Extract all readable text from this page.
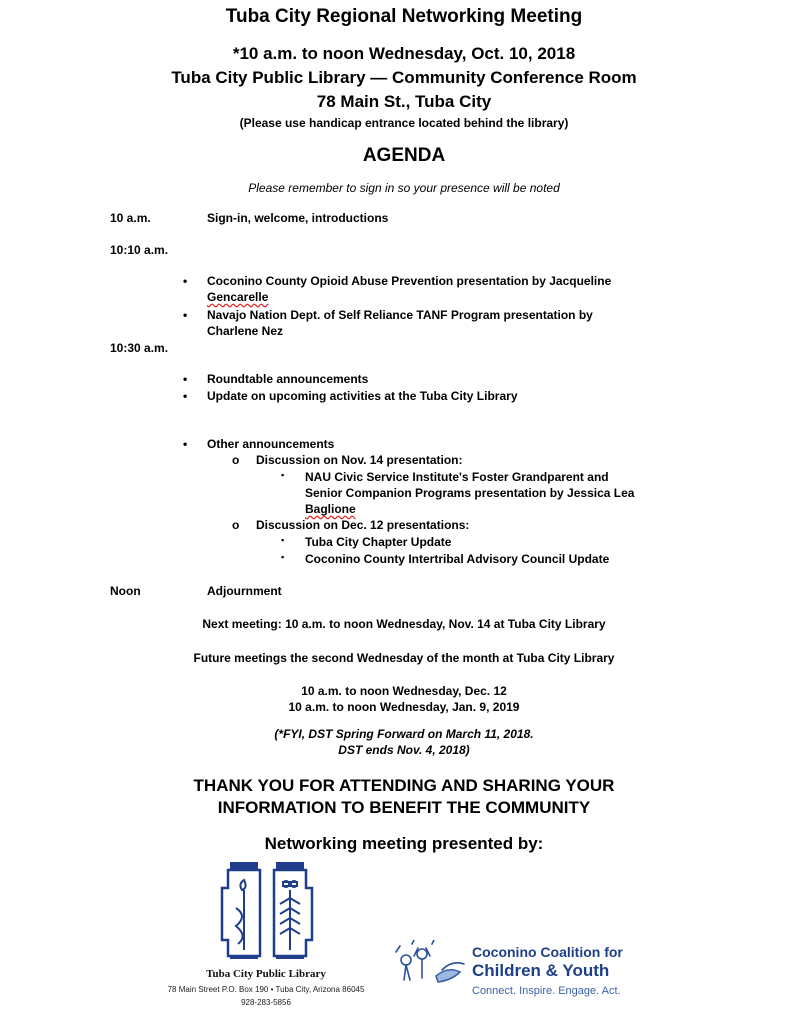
Tuba City Regional Networking Meeting
*10 a.m. to noon Wednesday, Oct. 10, 2018
Tuba City Public Library — Community Conference Room
78 Main St., Tuba City
(Please use handicap entrance located behind the library)
AGENDA
Please remember to sign in so your presence will be noted
10 a.m.	Sign-in, welcome, introductions
10:10 a.m.
• Coconino County Opioid Abuse Prevention presentation by Jacqueline
Gencarelle
• Navajo Nation Dept. of Self Reliance TANF Program presentation by
Charlene Nez
10:30 a.m.
• Roundtable announcements
• Update on upcoming activities at the Tuba City Library
• Other announcements
o Discussion on Nov. 14 presentation:
▪ NAU Civic Service Institute's Foster Grandparent and
Senior Companion Programs presentation by Jessica Lea
Baglione
o Discussion on Dec. 12 presentations:
▪ Tuba City Chapter Update
▪ Coconino County Intertribal Advisory Council Update
Noon	Adjournment
Next meeting: 10 a.m. to noon Wednesday, Nov. 14 at Tuba City Library
Future meetings the second Wednesday of the month at Tuba City Library
10 a.m. to noon Wednesday, Dec. 12
10 a.m. to noon Wednesday, Jan. 9, 2019
(*FYI, DST Spring Forward on March 11, 2018.
DST ends Nov. 4, 2018)
THANK YOU FOR ATTENDING AND SHARING YOUR
INFORMATION TO BENEFIT THE COMMUNITY
Networking meeting presented by:
Tuba City Public Library
78 Main Street P.O. Box 190 • Tuba City, Arizona 86045
928-283-5856
Coconino Coalition for
Children & Youth
Connect. Inspire. Engage. Act.
